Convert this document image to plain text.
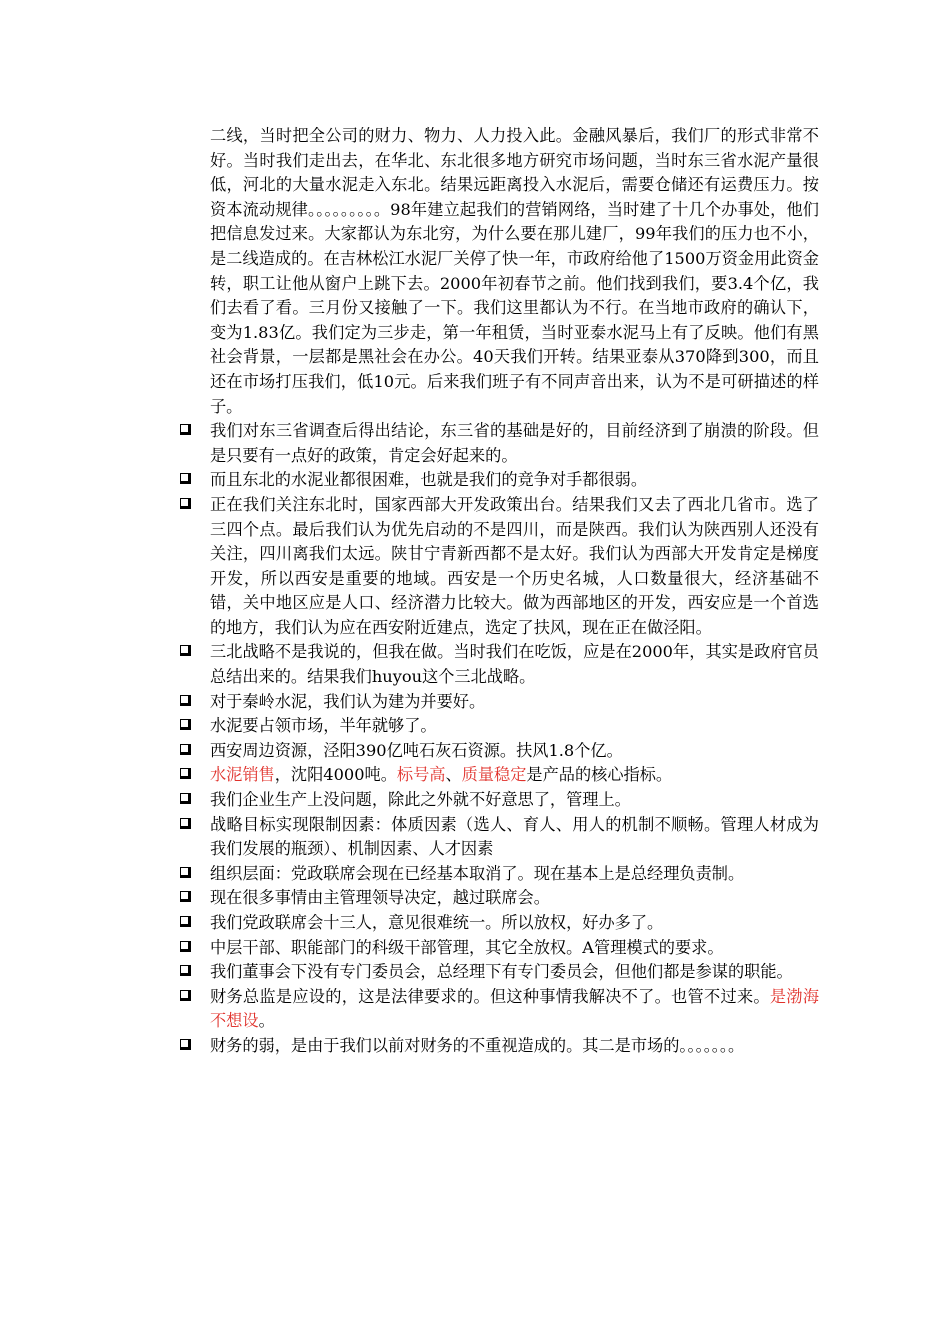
二线，当时把全公司的财力、物力、人力投入此。金融风暴后，我们厂的形式非常不好。当时我们走出去，在华北、东北很多地方研究市场问题，当时东三省水泥产量很低，河北的大量水泥走入东北。结果远距离投入水泥后，需要仓储还有运费压力。按资本流动规律。。。。。。。。。98年建立起我们的营销网络，当时建了十几个办事处，他们把信息发过来。大家都认为东北穷，为什么要在那儿建厂，99年我们的压力也不小，是二线造成的。在吉林松江水泥厂关停了快一年，市政府给他了1500万资金用此资金转，职工让他从窗户上跳下去。2000年初春节之前。他们找到我们，要3.4个亿，我们去看了看。三月份又接触了一下。我们这里都认为不行。在当地市政府的确认下，变为1.83亿。我们定为三步走，第一年租赁，当时亚泰水泥马上有了反映。他们有黑社会背景，一层都是黑社会在办公。40天我们开转。结果亚泰从370降到300，而且还在市场打压我们，低10元。后来我们班子有不同声音出来，认为不是可研描述的样子。

我们对东三省调查后得出结论，东三省的基础是好的，目前经济到了崩溃的阶段。但是只要有一点好的政策，肯定会好起来的。
而且东北的水泥业都很困难，也就是我们的竞争对手都很弱。
正在我们关注东北时，国家西部大开发政策出台。结果我们又去了西北几省市。选了三四个点。最后我们认为优先启动的不是四川，而是陕西。我们认为陕西别人还没有关注，四川离我们太远。陕甘宁青新西都不是太好。我们认为西部大开发肯定是梯度开发，所以西安是重要的地域。西安是一个历史名城，人口数量很大，经济基础不错，关中地区应是人口、经济潜力比较大。做为西部地区的开发，西安应是一个首选的地方，我们认为应在西安附近建点，选定了扶风，现在正在做泾阳。
三北战略不是我说的，但我在做。当时我们在吃饭，应是在2000年，其实是政府官员总结出来的。结果我们huyou这个三北战略。
对于秦岭水泥，我们认为建为并要好。
水泥要占领市场，半年就够了。
西安周边资源，泾阳390亿吨石灰石资源。扶风1.8个亿。
水泥销售，沈阳4000吨。标号高、质量稳定是产品的核心指标。
我们企业生产上没问题，除此之外就不好意思了，管理上。
战略目标实现限制因素：体质因素（选人、育人、用人的机制不顺畅。管理人材成为我们发展的瓶颈）、机制因素、人才因素
组织层面：党政联席会现在已经基本取消了。现在基本上是总经理负责制。
现在很多事情由主管理领导决定，越过联席会。
我们党政联席会十三人，意见很难统一。所以放权，好办多了。
中层干部、职能部门的科级干部管理，其它全放权。A管理模式的要求。
我们董事会下没有专门委员会，总经理下有专门委员会，但他们都是参谋的职能。
财务总监是应设的，这是法律要求的。但这种事情我解决不了。也管不过来。是渤海不想设。
财务的弱，是由于我们以前对财务的不重视造成的。其二是市场的。。。。。。。
